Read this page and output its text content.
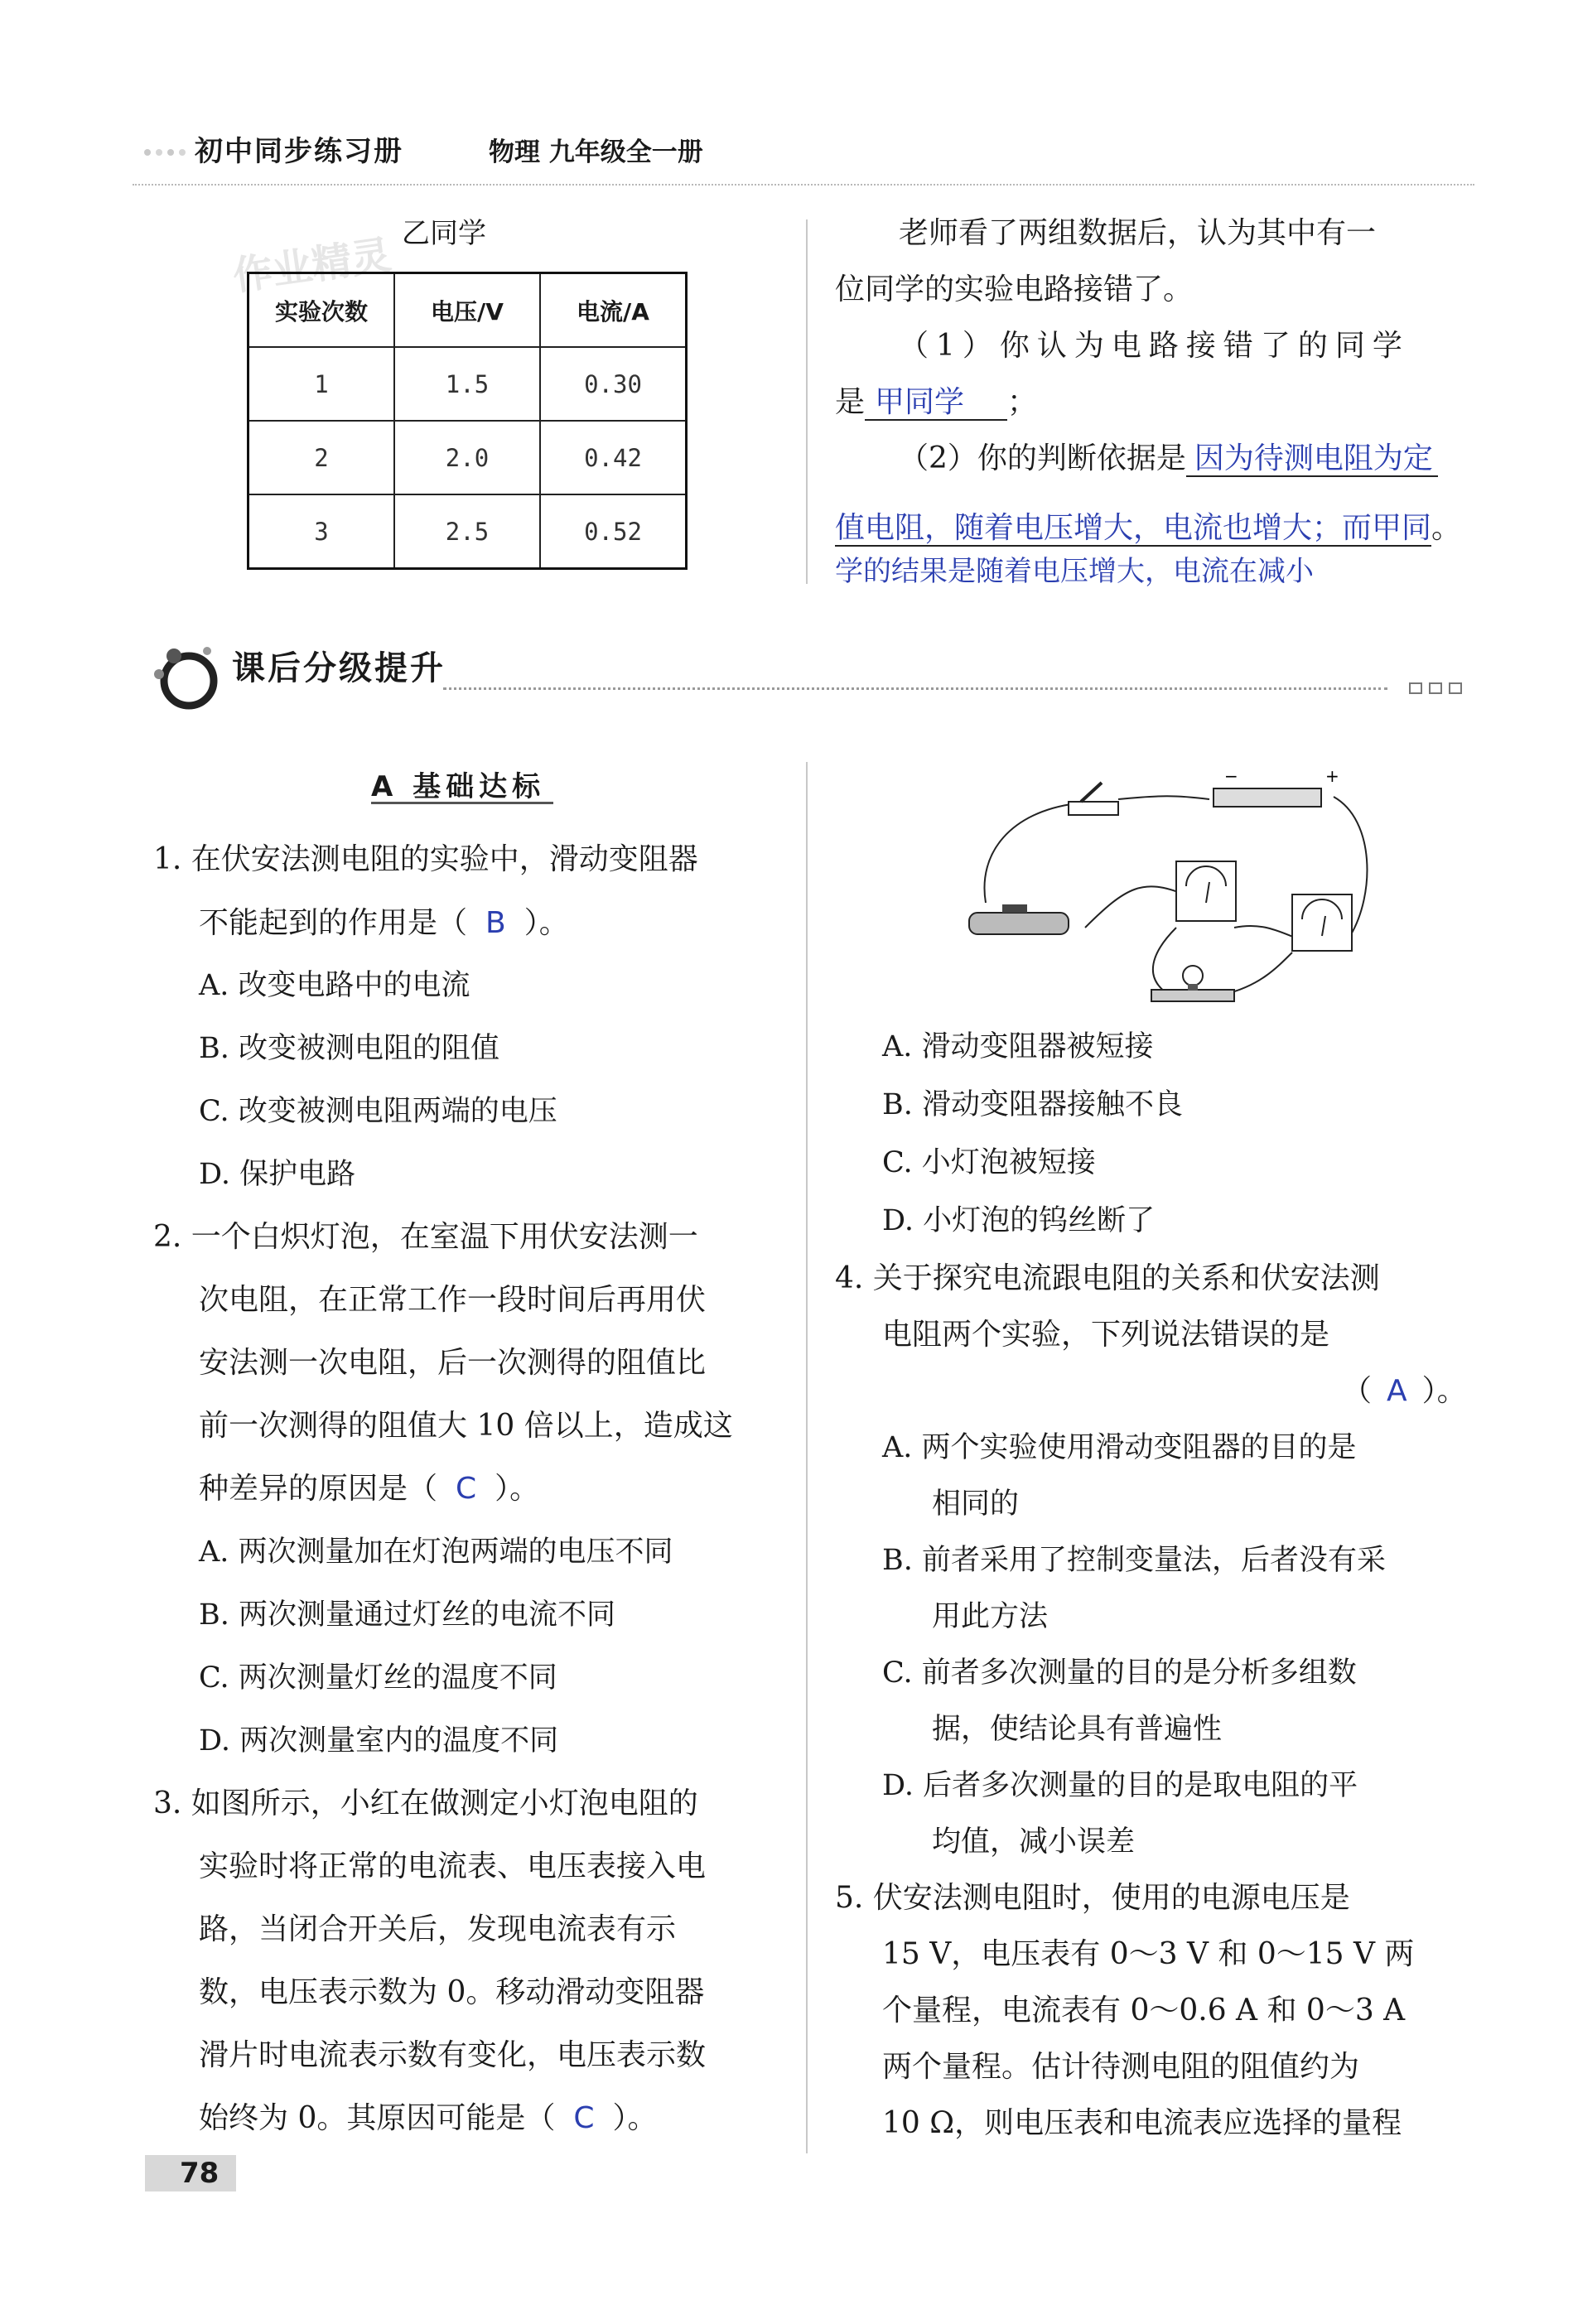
初中同步练习册	物理 九年级全一册
作业精灵 乙同学
实验次数	电压/V	电流/A
1	1.5	0.30
2	2.0	0.42
3	2.5	0.52
老师看了两组数据后，认为其中有一
位同学的实验电路接错了。
（1）你认为电路接错了的同学
是 甲同学 ；
（2）你的判断依据是 因为待测电阻为定
值电阻，随着电压增大，电流也增大；而甲同。
学的结果是随着电压增大，电流在减小
课后分级提升
A 基础达标
1. 在伏安法测电阻的实验中，滑动变阻器
不能起到的作用是（ B ）。
A. 改变电路中的电流
B. 改变被测电阻的阻值
C. 改变被测电阻两端的电压
D. 保护电路
2. 一个白炽灯泡，在室温下用伏安法测一
次电阻，在正常工作一段时间后再用伏
安法测一次电阻，后一次测得的阻值比
前一次测得的阻值大 10 倍以上，造成这
种差异的原因是（ C ）。
A. 两次测量加在灯泡两端的电压不同
B. 两次测量通过灯丝的电流不同
C. 两次测量灯丝的温度不同
D. 两次测量室内的温度不同
3. 如图所示，小红在做测定小灯泡电阻的
实验时将正常的电流表、电压表接入电
路，当闭合开关后，发现电流表有示
数，电压表示数为 0。移动滑动变阻器
滑片时电流表示数有变化，电压表示数
始终为 0。其原因可能是（ C ）。
−	+
A. 滑动变阻器被短接
B. 滑动变阻器接触不良
C. 小灯泡被短接
D. 小灯泡的钨丝断了
4. 关于探究电流跟电阻的关系和伏安法测
电阻两个实验，下列说法错误的是
（ A ）。
A. 两个实验使用滑动变阻器的目的是
相同的
B. 前者采用了控制变量法，后者没有采
用此方法
C. 前者多次测量的目的是分析多组数
据，使结论具有普遍性
D. 后者多次测量的目的是取电阻的平
均值，减小误差
5. 伏安法测电阻时，使用的电源电压是
15 V，电压表有 0～3 V 和 0～15 V 两
个量程，电流表有 0～0.6 A 和 0～3 A
两个量程。估计待测电阻的阻值约为
10 Ω，则电压表和电流表应选择的量程
78
